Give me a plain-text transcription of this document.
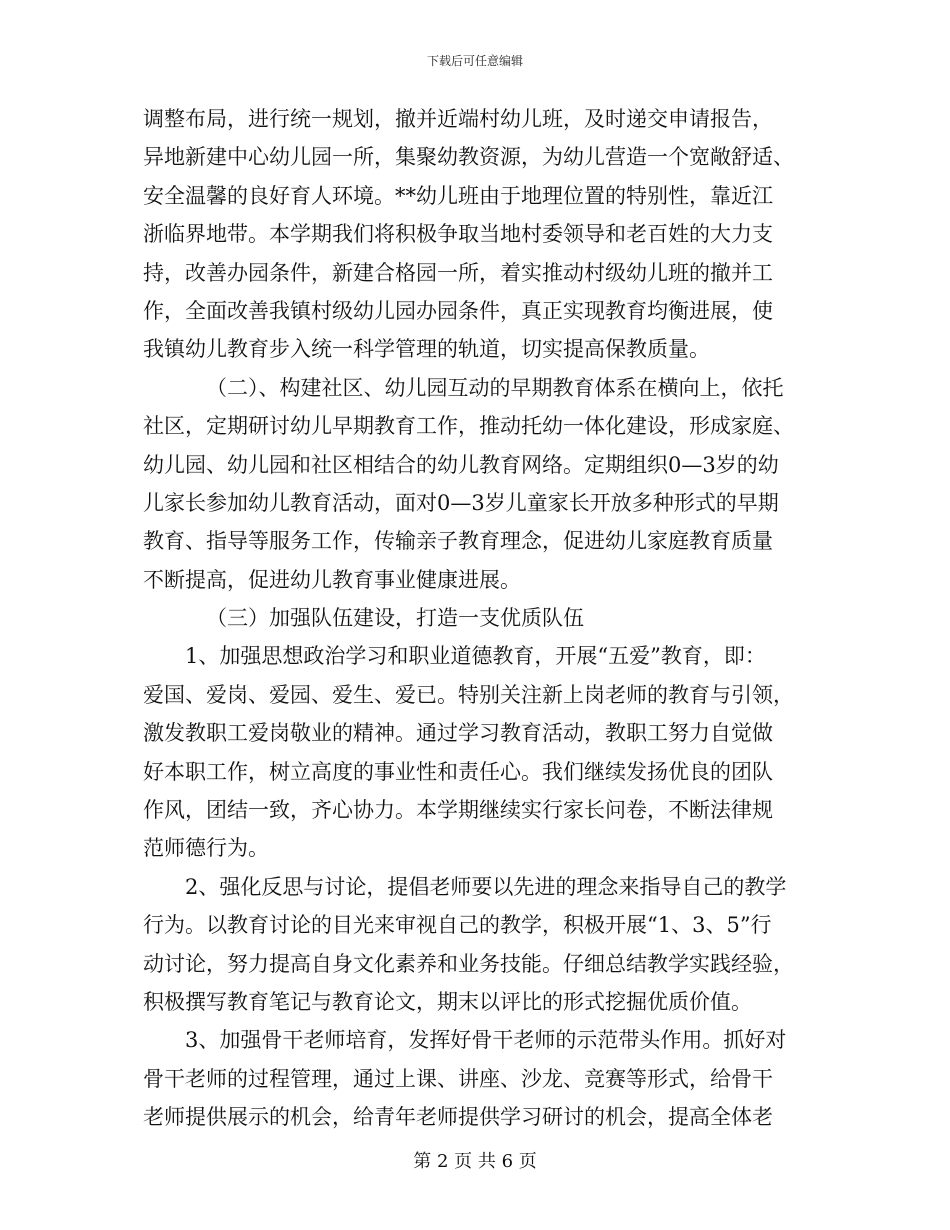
下载后可任意编辑
调整布局，进行统一规划，撤并近端村幼儿班，及时递交申请报告，
异地新建中心幼儿园一所，集聚幼教资源，为幼儿营造一个宽敞舒适、
安全温馨的良好育人环境。**幼儿班由于地理位置的特别性，靠近江
浙临界地带。本学期我们将积极争取当地村委领导和老百姓的大力支
持，改善办园条件，新建合格园一所，着实推动村级幼儿班的撤并工
作，全面改善我镇村级幼儿园办园条件，真正实现教育均衡进展，使
我镇幼儿教育步入统一科学管理的轨道，切实提高保教质量。
（二）、构建社区、幼儿园互动的早期教育体系在横向上，依托
社区，定期研讨幼儿早期教育工作，推动托幼一体化建设，形成家庭、
幼儿园、幼儿园和社区相结合的幼儿教育网络。定期组织0—3岁的幼
儿家长参加幼儿教育活动，面对0—3岁儿童家长开放多种形式的早期
教育、指导等服务工作，传输亲子教育理念，促进幼儿家庭教育质量
不断提高，促进幼儿教育事业健康进展。
（三）加强队伍建设，打造一支优质队伍
1、加强思想政治学习和职业道德教育，开展“五爱”教育，即：
爱国、爱岗、爱园、爱生、爱已。特别关注新上岗老师的教育与引领，
激发教职工爱岗敬业的精神。通过学习教育活动，教职工努力自觉做
好本职工作，树立高度的事业性和责任心。我们继续发扬优良的团队
作风，团结一致，齐心协力。本学期继续实行家长问卷，不断法律规
范师德行为。
2、强化反思与讨论，提倡老师要以先进的理念来指导自己的教学
行为。以教育讨论的目光来审视自己的教学，积极开展“1、3、5”行
动讨论，努力提高自身文化素养和业务技能。仔细总结教学实践经验，
积极撰写教育笔记与教育论文，期末以评比的形式挖掘优质价值。
3、加强骨干老师培育，发挥好骨干老师的示范带头作用。抓好对
骨干老师的过程管理，通过上课、讲座、沙龙、竞赛等形式，给骨干
老师提供展示的机会，给青年老师提供学习研讨的机会，提高全体老
第 2 页 共 6 页
